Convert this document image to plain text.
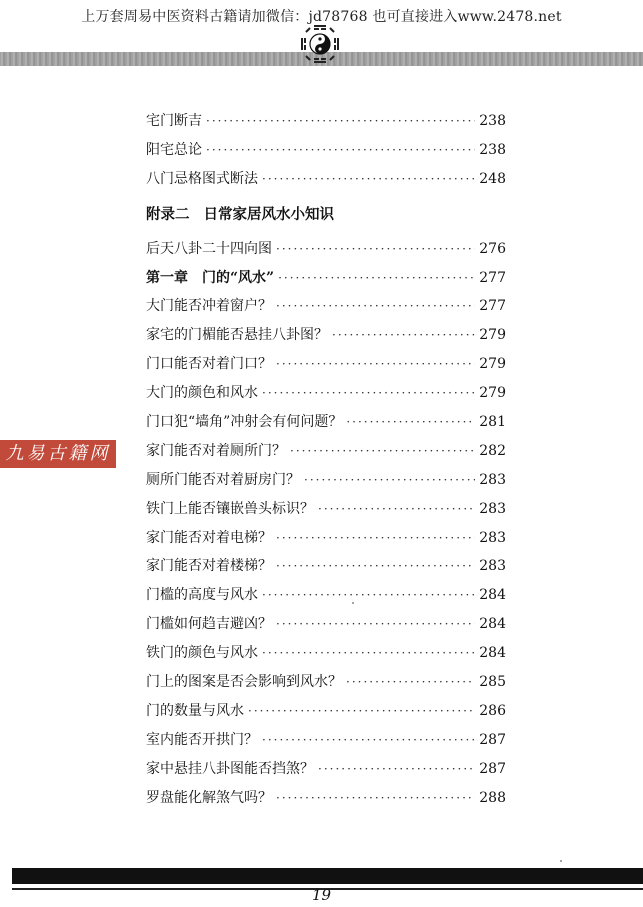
上万套周易中医资料古籍请加微信：jd78768 也可直接进入www.2478.net
宅门断吉 ·····	238
阳宅总论 ·····	238
八门忌格图式断法 ·····	248
附录二 日常家居风水小知识
后天八卦二十四向图 ·····	276
第一章　门的“风水” ·····	277
大门能否冲着窗户？ ·····	277
家宅的门楣能否悬挂八卦图？ ·····	279
门口能否对着门口？ ·····	279
大门的颜色和风水 ·····	279
门口犯“墙角”冲射会有何问题？ ·····	281
家门能否对着厕所门？ ·····	282
厕所门能否对着厨房门？ ·····	283
铁门上能否镶嵌兽头标识？ ·····	283
家门能否对着电梯？ ·····	283
家门能否对着楼梯？ ·····	283
门槛的高度与风水 ·····	284
门槛如何趋吉避凶？ ·····	284
铁门的颜色与风水 ·····	284
门上的图案是否会影响到风水？ ·····	285
门的数量与风水 ·····	286
室内能否开拱门？ ·····	287
家中悬挂八卦图能否挡煞？ ·····	287
罗盘能化解煞气吗？ ·····	288
九易古籍网
19
